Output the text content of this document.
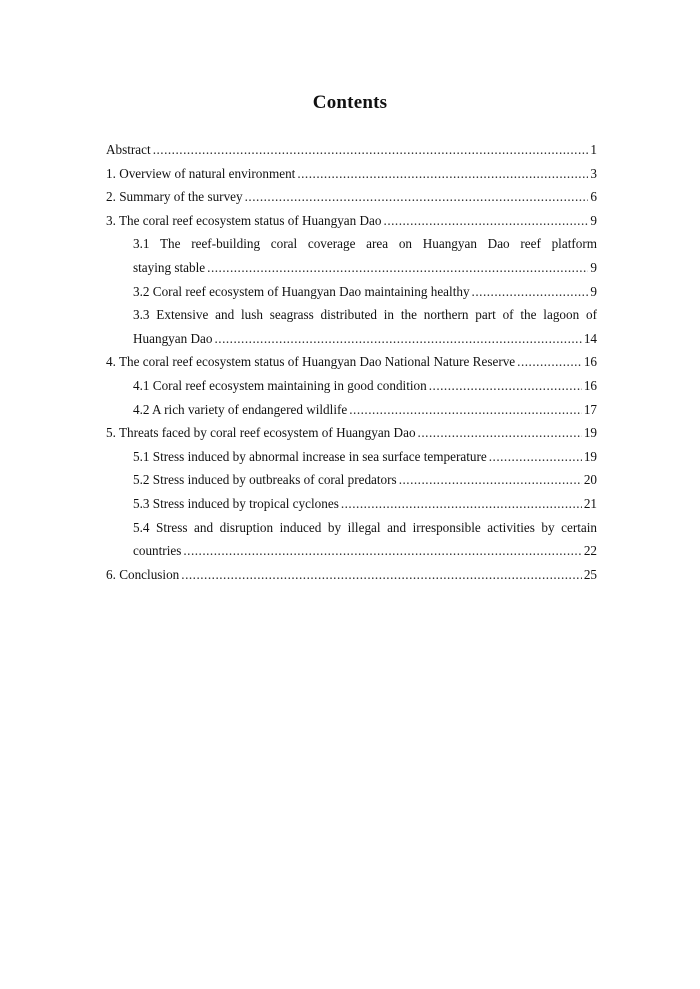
Contents
Abstract .....	1
1. Overview of natural environment .....	3
2. Summary of the survey .....	6
3. The coral reef ecosystem status of Huangyan Dao .....	9
3.1 The reef-building coral coverage area on Huangyan Dao reef platform
staying stable .....	9
3.2 Coral reef ecosystem of Huangyan Dao maintaining healthy .....	9
3.3 Extensive and lush seagrass distributed in the northern part of the lagoon of
Huangyan Dao .....	14
4. The coral reef ecosystem status of Huangyan Dao National Nature Reserve .....	16
4.1 Coral reef ecosystem maintaining in good condition .....	16
4.2 A rich variety of endangered wildlife .....	17
5. Threats faced by coral reef ecosystem of Huangyan Dao .....	19
5.1 Stress induced by abnormal increase in sea surface temperature .....	19
5.2 Stress induced by outbreaks of coral predators .....	20
5.3 Stress induced by tropical cyclones .....	21
5.4 Stress and disruption induced by illegal and irresponsible activities by certain
countries .....	22
6. Conclusion .....	25
